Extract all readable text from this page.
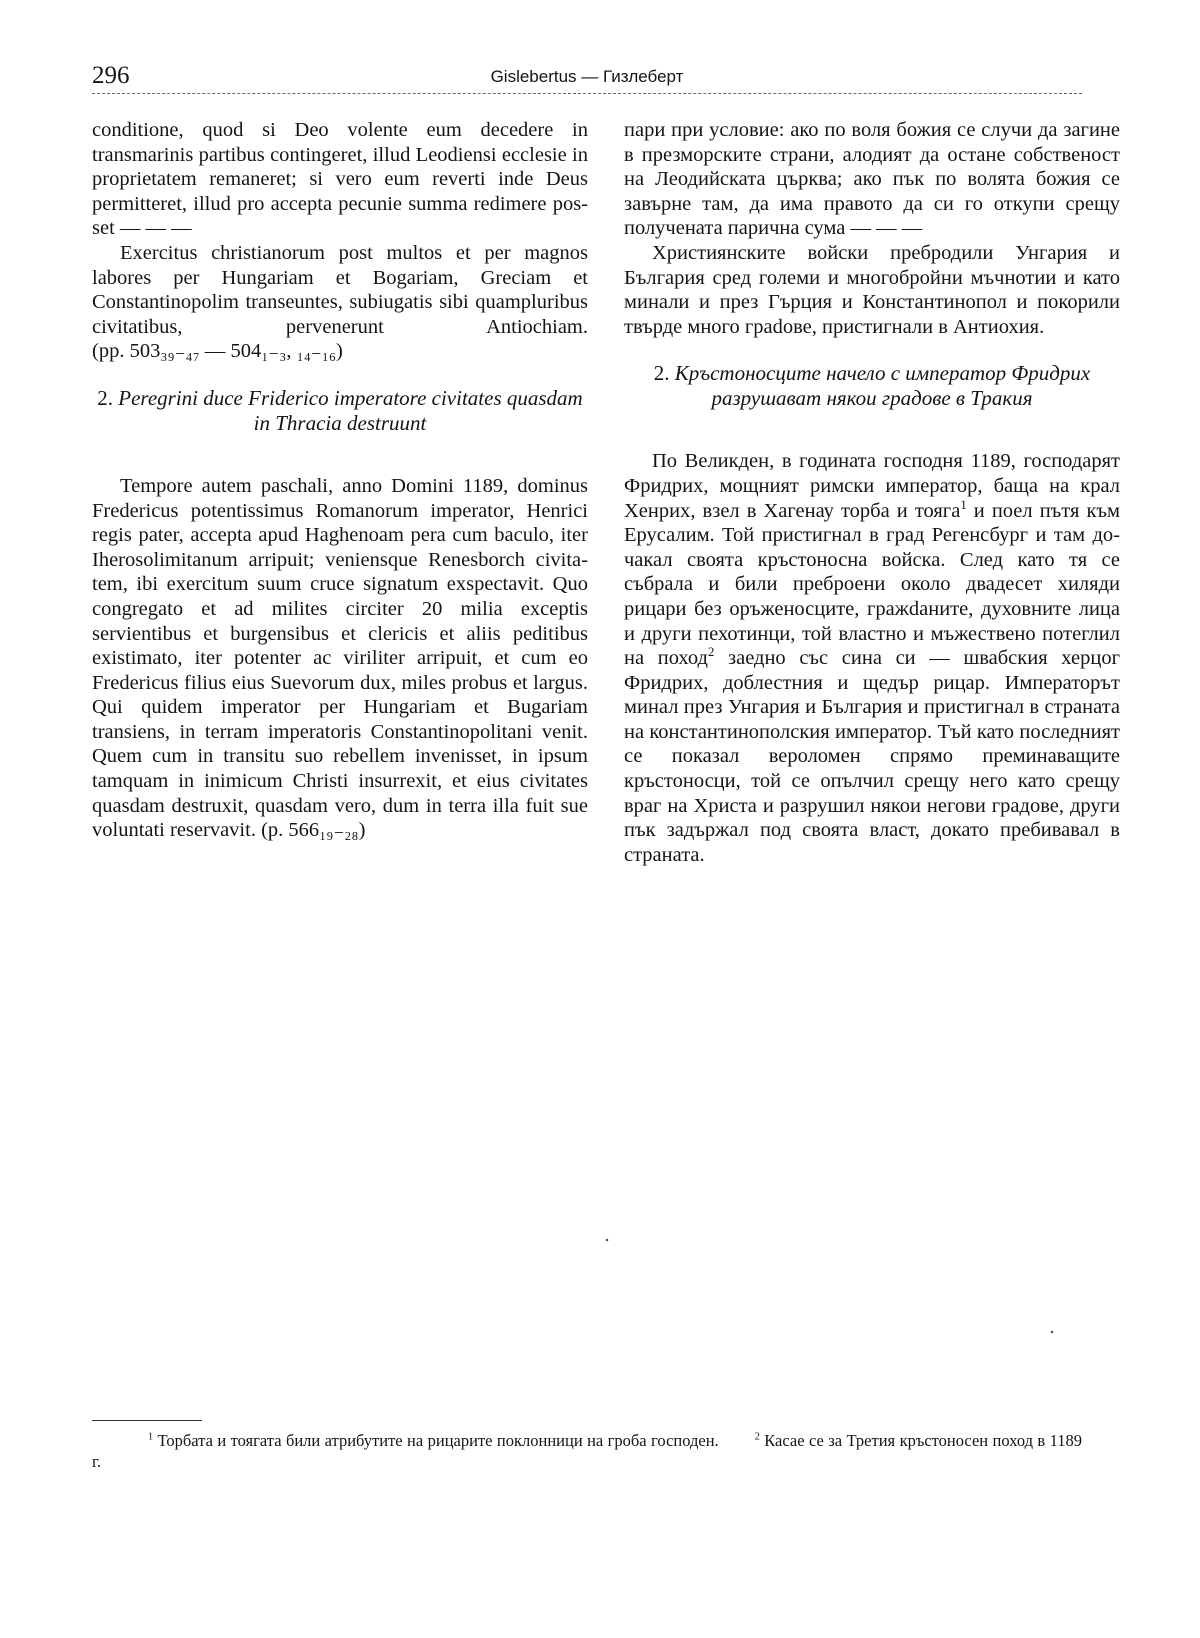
296	Gislebertus — Гизлеберт

conditione, quod si Deo volente eum decedere in transmarinis partibus contingeret, illud Leodiensi ecclesie in proprietatem remaneret; si vero eum reverti inde Deus permitteret, illud pro accepta pecunie summa redimere posset — — —

Exercitus christianorum post multos et per magnos labores per Hungariam et Bogariam, Greciam et Constantinopolim transeuntes, subiugatis sibi quampluribus civitatibus, pervenerunt Antiochiam. (pp. 503₃₉₋₄₇ — 504₁₋₃, ₁₄₋₁₆)

2. Peregrini duce Friderico imperatore civitates quasdam in Thracia destruunt

Tempore autem paschali, anno Domini 1189, dominus Fredericus potentissimus Romanorum imperator, Henrici regis pater, accepta apud Haghenoam pera cum baculo, iter Iherosolimitanum arripuit; veniensque Renesborch civitatem, ibi exercitum suum cruce signatum exspectavit. Quo congregato et ad milites circiter 20 milia exceptis servientibus et burgensibus et clericis et aliis peditibus existimato, iter potenter ac viriliter arripuit, et cum eo Fredericus filius eius Suevorum dux, miles probus et largus. Qui quidem imperator per Hungariam et Bugariam transiens, in terram imperatoris Constantinopolitani venit. Quem cum in transitu suo rebellem invenisset, in ipsum tamquam in inimicum Christi insurrexit, et eius civitates quasdam destruxit, quasdam vero, dum in terra illa fuit sue voluntati reservavit. (p. 566₁₉₋₂₈)

пари при условие: ако по воля божия се случи да загине в презморските страни, алодият да остане собственост на Леодийската църква; ако пък по волята божия се завърне там, да има правото да си го откупи срещу получената парична сума — — —

Християнските войски пребродили Унгария и България сред големи и многобройни мъчнотии и като минали и през Гърция и Константинопол и покорили твърде много граdове, пристигнали в Антиохия.

2. Кръстоносците начело с император Фридрих разрушават някои градове в Тракия

По Великден, в годината господня 1189, господарят Фридрих, мощният римски император, баща на крал Хенрих, взел в Хагенау торба и тояга$^1$ и поел пътя към Ерусалим. Той пристигнал в град Регенсбург и там дочакал своята кръстоносна войска. След като тя се събрала и били преброени около двадесет хиляди рицари без оръженосците, гражdаните, духовните лица и други пехотинци, той властно и мъжествено потеглил на поход$^2$ заедно със сина си — швабския херцог Фридрих, доблестния и щедър рицар. Императорът минал през Унгария и България и пристигнал в страната на константинополския император. Тъй като последният се показал вероломен спрямо преминаващите кръстоносци, той се опълчил срещу него като срещу враг на Христа и разрушил някои негови градове, други пък задържал под своята власт, докато пребивавал в страната.

$^1$ Торбата и тоягата били атрибутите на рицарите поклонници на гроба господен.	$^2$ Касае се за Третия кръстоносен поход в 1189 г.
